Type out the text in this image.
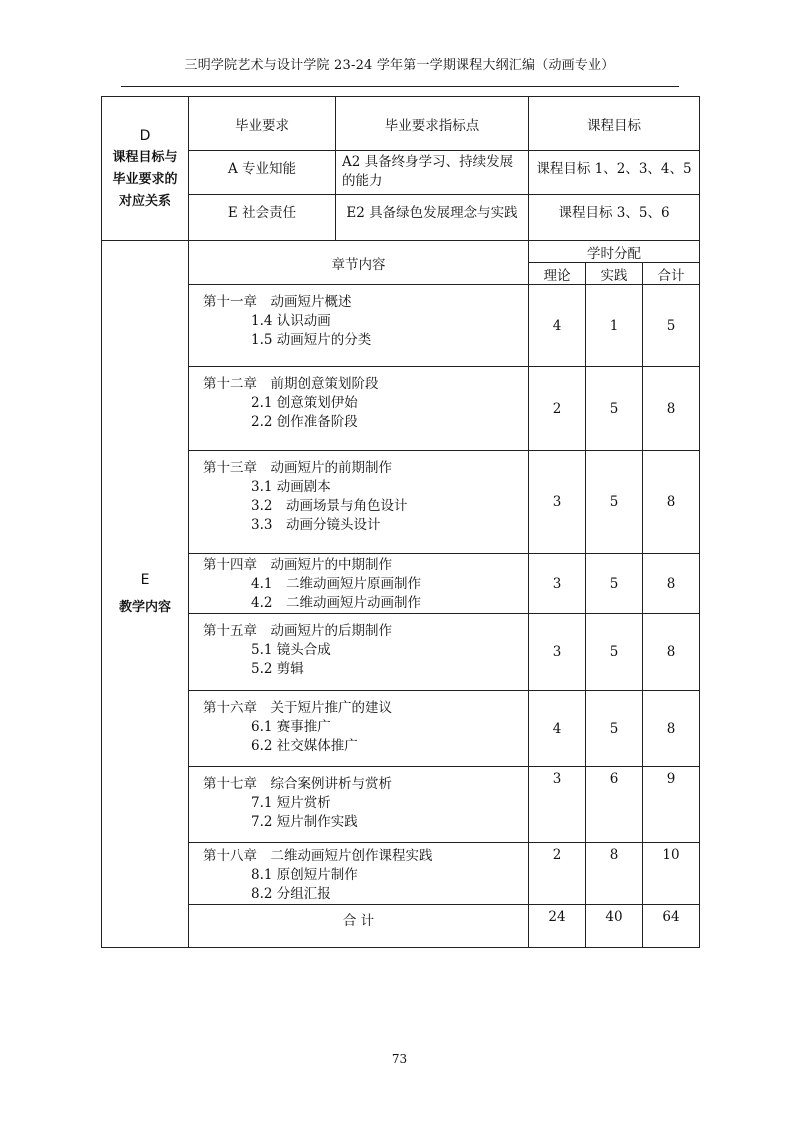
三明学院艺术与设计学院 23-24 学年第一学期课程大纲汇编（动画专业）
D
课程目标与
毕业要求的
对应关系	毕业要求	毕业要求指标点	课程目标		
	A 专业知能	A2 具备终身学习、持续发展的能力	课程目标 1、2、3、4、5		
	E 社会责任	E2 具备绿色发展理念与实践	课程目标 3、5、6		

E
教学内容	章节内容		学时分配		
			理论	实践	合计

	第十一章　动画短片概述
1.4 认识动画
1.5 动画短片的分类		4	1	5

	第十二章　前期创意策划阶段
2.1 创意策划伊始
2.2 创作准备阶段		2	5	8

	第十三章　动画短片的前期制作
3.1 动画剧本
3.2　动画场景与角色设计
3.3　动画分镜头设计		3	5	8

	第十四章　动画短片的中期制作
4.1　二维动画短片原画制作
4.2　二维动画短片动画制作		3	5	8

	第十五章　动画短片的后期制作
5.1 镜头合成
5.2 剪辑		3	5	8

	第十六章　关于短片推广的建议
6.1 赛事推广
6.2 社交媒体推广		4	5	8

	第十七章　综合案例讲析与赏析
7.1 短片赏析
7.2 短片制作实践		3	6	9

	第十八章　二维动画短片创作课程实践
8.1 原创短片制作
8.2 分组汇报		2	8	10
	合 计		24	40	64
73
